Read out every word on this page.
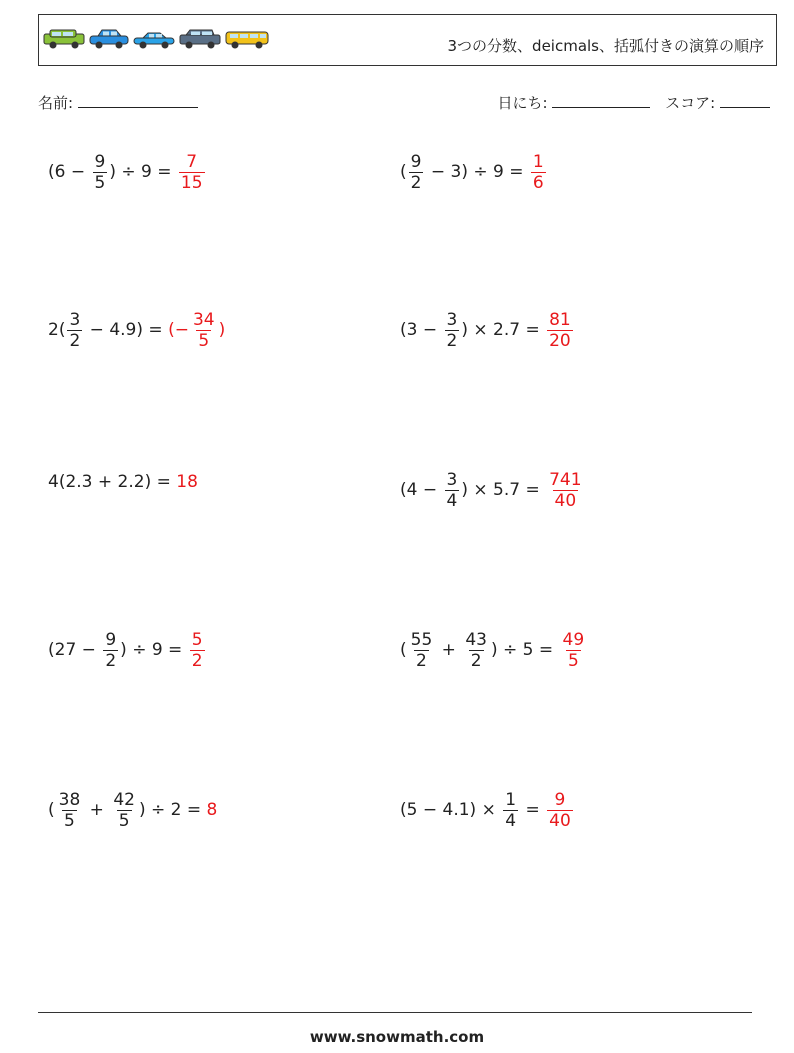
3つの分数、deicmals、括弧付きの演算の順序
名前:	日にち:	スコア:
($6 - \frac{9}{5}$ ) ÷ $9 = \frac{7}{15}$	( $\frac{9}{2} - 3) \div 9 = \frac{1}{6}$
$2( \frac{3}{2} - 4.9)$ = (− $\frac{34}{5}$ )	($3 - \frac{3}{2}$ ) × $2.7 = \frac{81}{20}$
4(2.3 + 2.2) = 18	($4 - \frac{3}{4}$ ) × $5.7 = \frac{741}{40}$
($27 - \frac{9}{2}$ ) ÷ $9 = \frac{5}{2}$	( $\frac{55}{2} + \frac{43}{2}$ ) ÷ $5 = \frac{49}{5}$
( $\frac{38}{5} + \frac{42}{5}$ ) ÷ 2 = 8	$(5 - 4.1) \times \frac{1}{4} = \frac{9}{40}$
www.snowmath.com
